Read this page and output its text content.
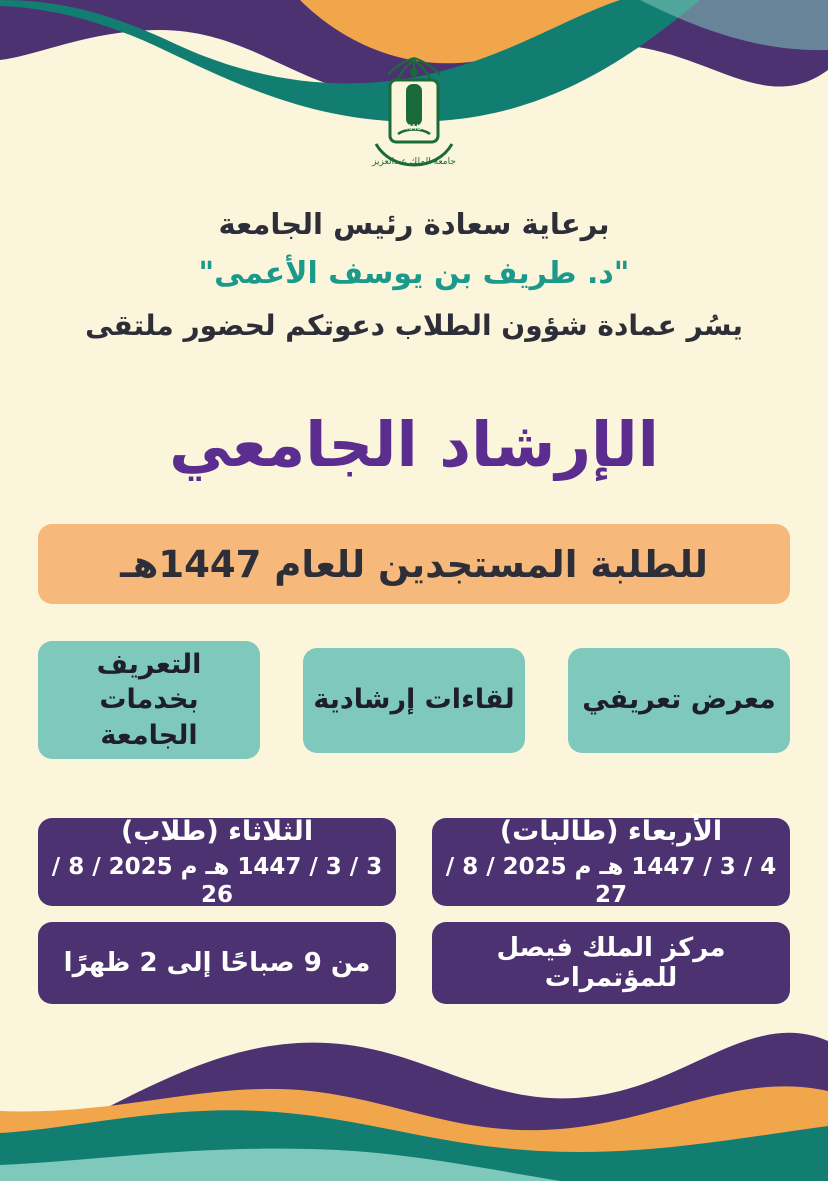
KAU
جامعة الملك عبدالعزيز
برعاية سعادة رئيس الجامعة
"د. طريف بن يوسف الأعمى"
يسُر عمادة شؤون الطلاب دعوتكم لحضور ملتقى
الإرشاد الجامعي
للطلبة المستجدين للعام 1447هـ
التعريف بخدمات الجامعة
لقاءات إرشادية	معرض تعريفي
الأربعاء (طالبات)
4 / 3 / 1447 هـ م 2025 / 8 / 27
الثلاثاء (طلاب)
3 / 3 / 1447 هـ م 2025 / 8 / 26
مركز الملك فيصل للمؤتمرات
من 9 صباحًا إلى 2 ظهرًا
